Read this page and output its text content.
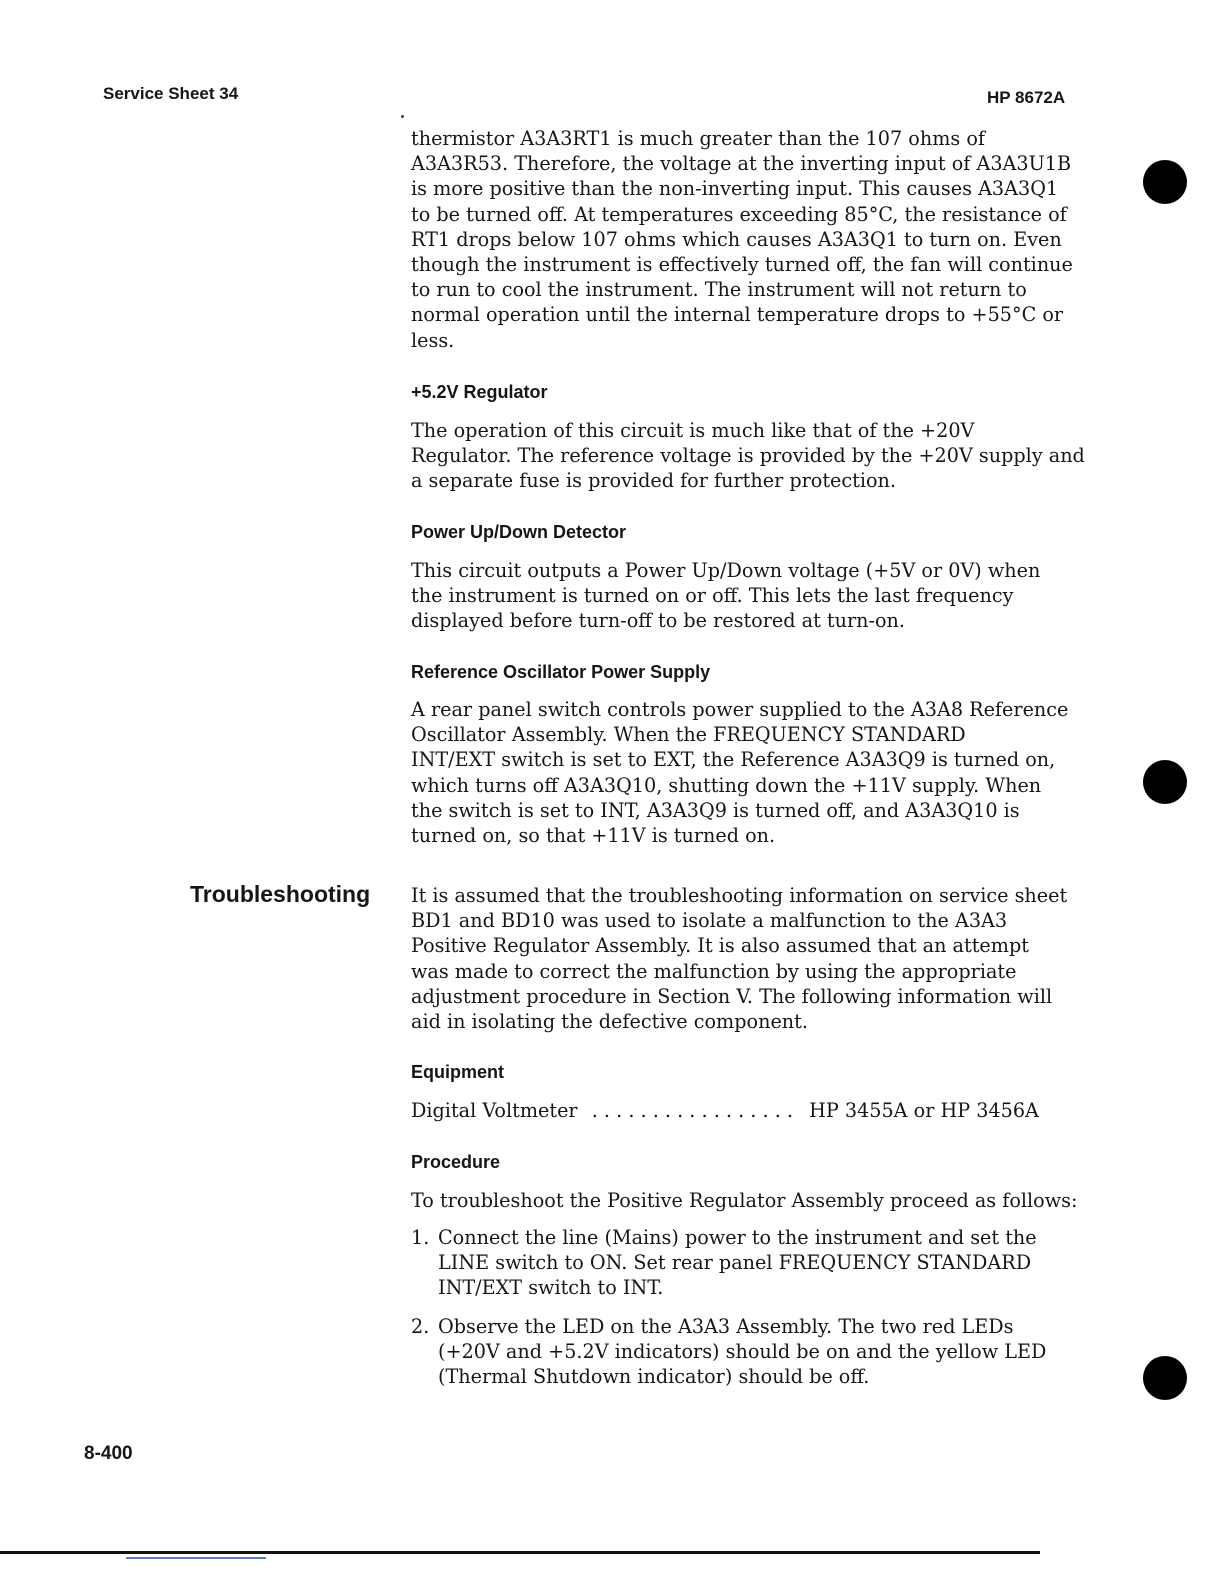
Service Sheet 34	HP 8672A

thermistor A3A3RT1 is much greater than the 107 ohms of

A3A3R53. Therefore, the voltage at the inverting input of A3A3U1B

is more positive than the non-inverting input. This causes A3A3Q1

to be turned off. At temperatures exceeding 85°C, the resistance of

RT1 drops below 107 ohms which causes A3A3Q1 to turn on. Even

though the instrument is effectively turned off, the fan will continue

to run to cool the instrument. The instrument will not return to

normal operation until the internal temperature drops to +55°C or

less.

+5.2V Regulator

The operation of this circuit is much like that of the +20V

Regulator. The reference voltage is provided by the +20V supply and

a separate fuse is provided for further protection.

Power Up/Down Detector

This circuit outputs a Power Up/Down voltage (+5V or 0V) when

the instrument is turned on or off. This lets the last frequency

displayed before turn-off to be restored at turn-on.

Reference Oscillator Power Supply

A rear panel switch controls power supplied to the A3A8 Reference

Oscillator Assembly. When the FREQUENCY STANDARD

INT/EXT switch is set to EXT, the Reference A3A3Q9 is turned on,

which turns off A3A3Q10, shutting down the +11V supply. When

the switch is set to INT, A3A3Q9 is turned off, and A3A3Q10 is

turned on, so that +11V is turned on.

Troubleshooting It is assumed that the troubleshooting information on service sheet

BD1 and BD10 was used to isolate a malfunction to the A3A3

Positive Regulator Assembly. It is also assumed that an attempt

was made to correct the malfunction by using the appropriate

adjustment procedure in Section V. The following information will

aid in isolating the defective component.

Equipment
Digital Voltmeter . . . . . . . . . . . . . . . . . HP 3455A or HP 3456A
Procedure

To troubleshoot the Positive Regulator Assembly proceed as follows:

1. Connect the line (Mains) power to the instrument and set the

LINE switch to ON. Set rear panel FREQUENCY STANDARD

INT/EXT switch to INT.

2. Observe the LED on the A3A3 Assembly. The two red LEDs

(+20V and +5.2V indicators) should be on and the yellow LED

(Thermal Shutdown indicator) should be off.

8-400
